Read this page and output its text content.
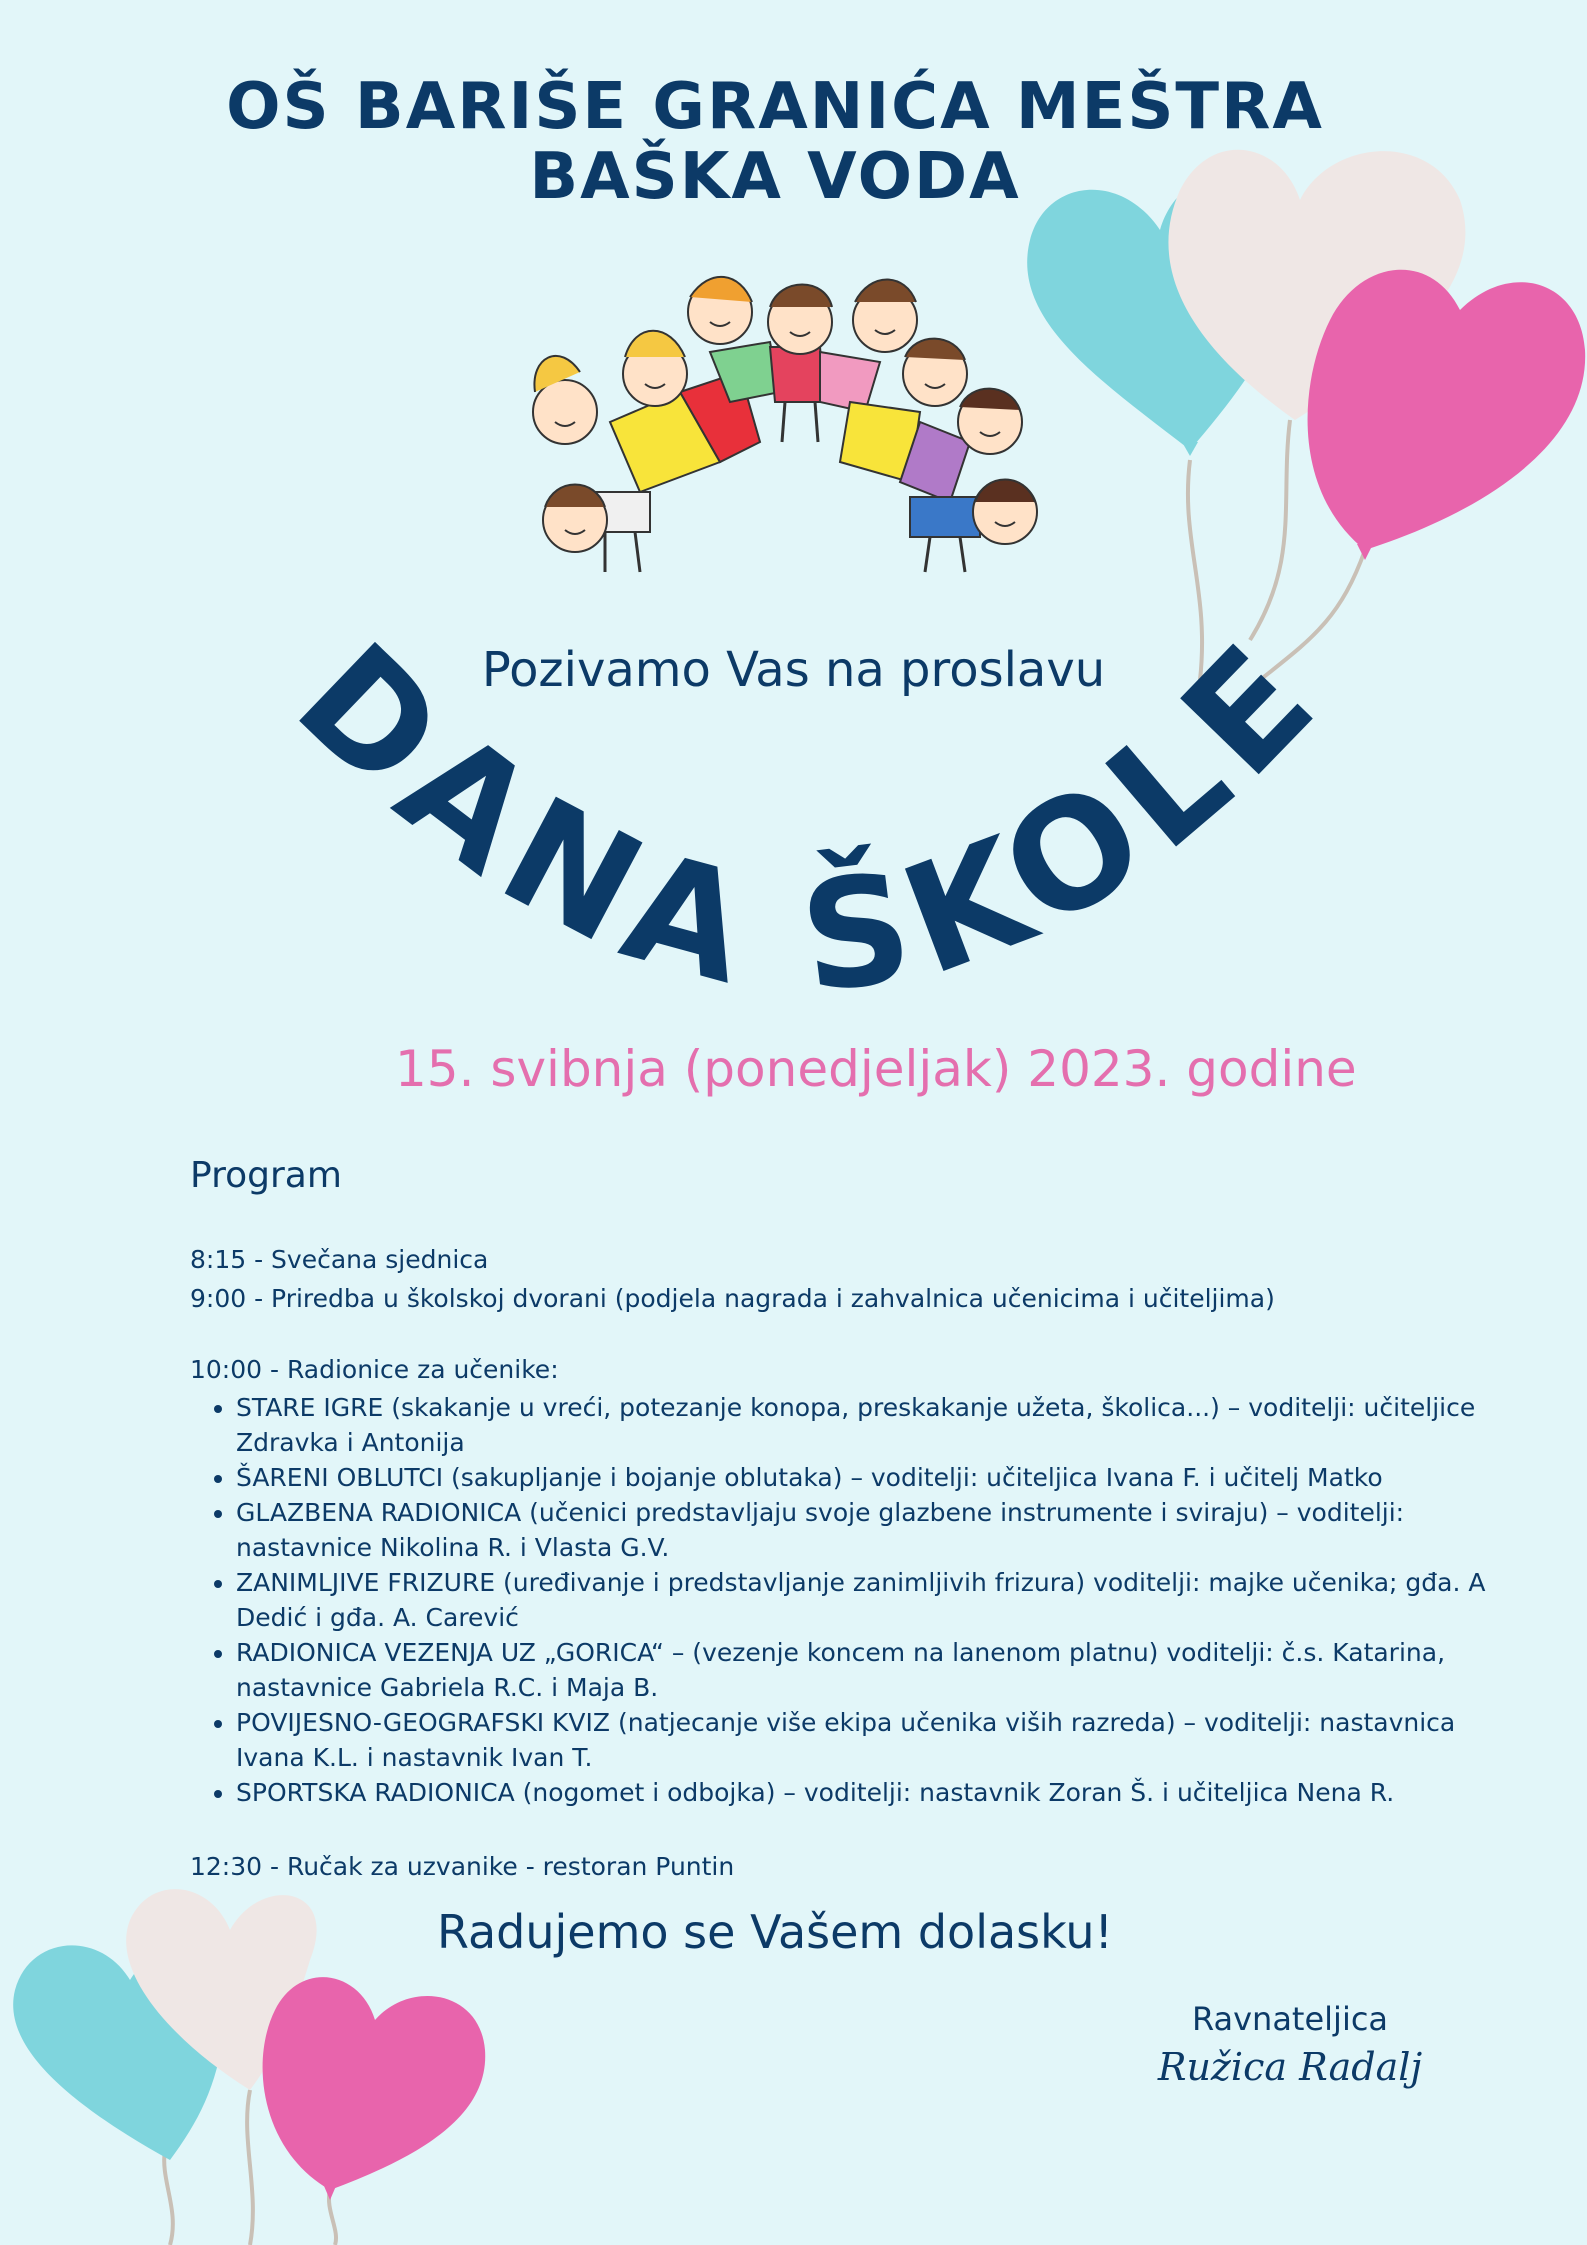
OŠ BARIŠE GRANIĆA MEŠTRA
BAŠKA VODA
Pozivamo Vas na proslavu
DANA ŠKOLE
15. svibnja (ponedjeljak) 2023. godine
Program
8:15 - Svečana sjednica
9:00 - Priredba u školskoj dvorani (podjela nagrada i zahvalnica učenicima i učiteljima)
10:00 - Radionice za učenike:
• STARE IGRE (skakanje u vreći, potezanje konopa, preskakanje užeta, školica...) – voditelji: učiteljice Zdravka i Antonija
• ŠARENI OBLUTCI (sakupljanje i bojanje oblutaka) – voditelji: učiteljica Ivana F. i učitelj Matko
• GLAZBENA RADIONICA (učenici predstavljaju svoje glazbene instrumente i sviraju) – voditelji: nastavnice Nikolina R. i Vlasta G.V.
• ZANIMLJIVE FRIZURE (uređivanje i predstavljanje zanimljivih frizura) voditelji: majke učenika; gđa. A Dedić i gđa. A. Carević
• RADIONICA VEZENJA UZ „GORICA“ – (vezenje koncem na lanenom platnu) voditelji: č.s. Katarina, nastavnice Gabriela R.C. i Maja B.
• POVIJESNO-GEOGRAFSKI KVIZ (natjecanje više ekipa učenika viših razreda) – voditelji: nastavnica Ivana K.L. i nastavnik Ivan T.
• SPORTSKA RADIONICA (nogomet i odbojka) – voditelji: nastavnik Zoran Š. i učiteljica Nena R.
12:30 - Ručak za uzvanike - restoran Puntin
Radujemo se Vašem dolasku!
Ravnateljica
Ružica Radalj
